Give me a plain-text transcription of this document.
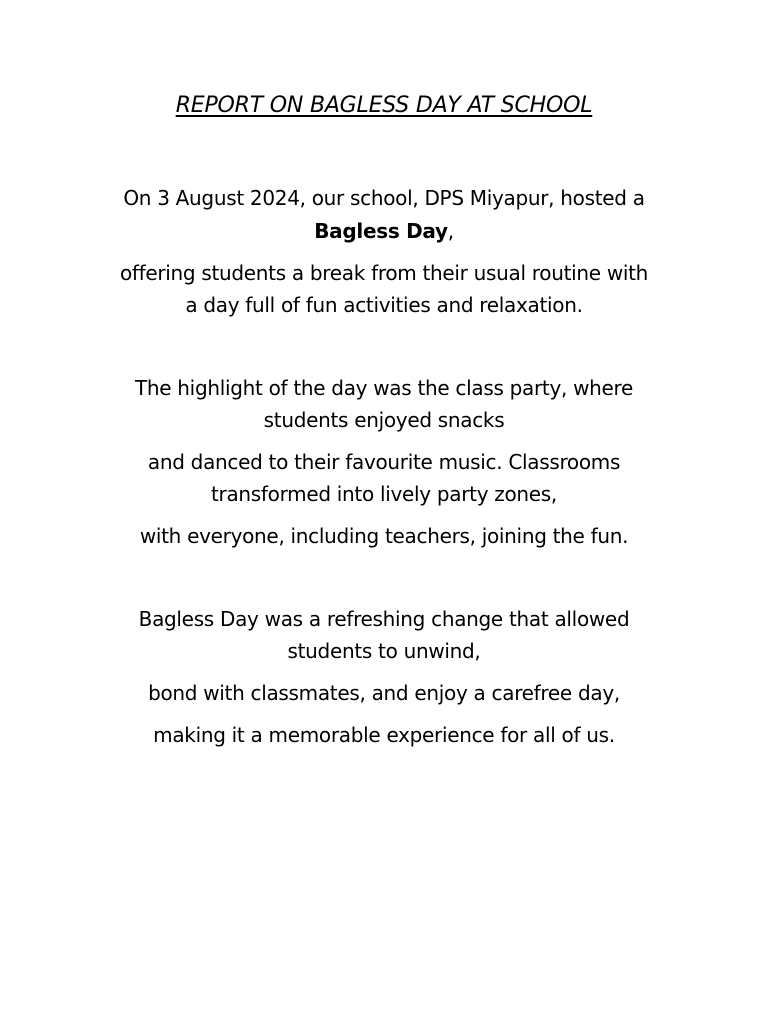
REPORT ON BAGLESS DAY AT SCHOOL
On 3 August 2024, our school, DPS Miyapur, hosted a
Bagless Day,
offering students a break from their usual routine with
a day full of fun activities and relaxation.
The highlight of the day was the class party, where
students enjoyed snacks
and danced to their favourite music. Classrooms
transformed into lively party zones,
with everyone, including teachers, joining the fun.
Bagless Day was a refreshing change that allowed
students to unwind,
bond with classmates, and enjoy a carefree day,
making it a memorable experience for all of us.
